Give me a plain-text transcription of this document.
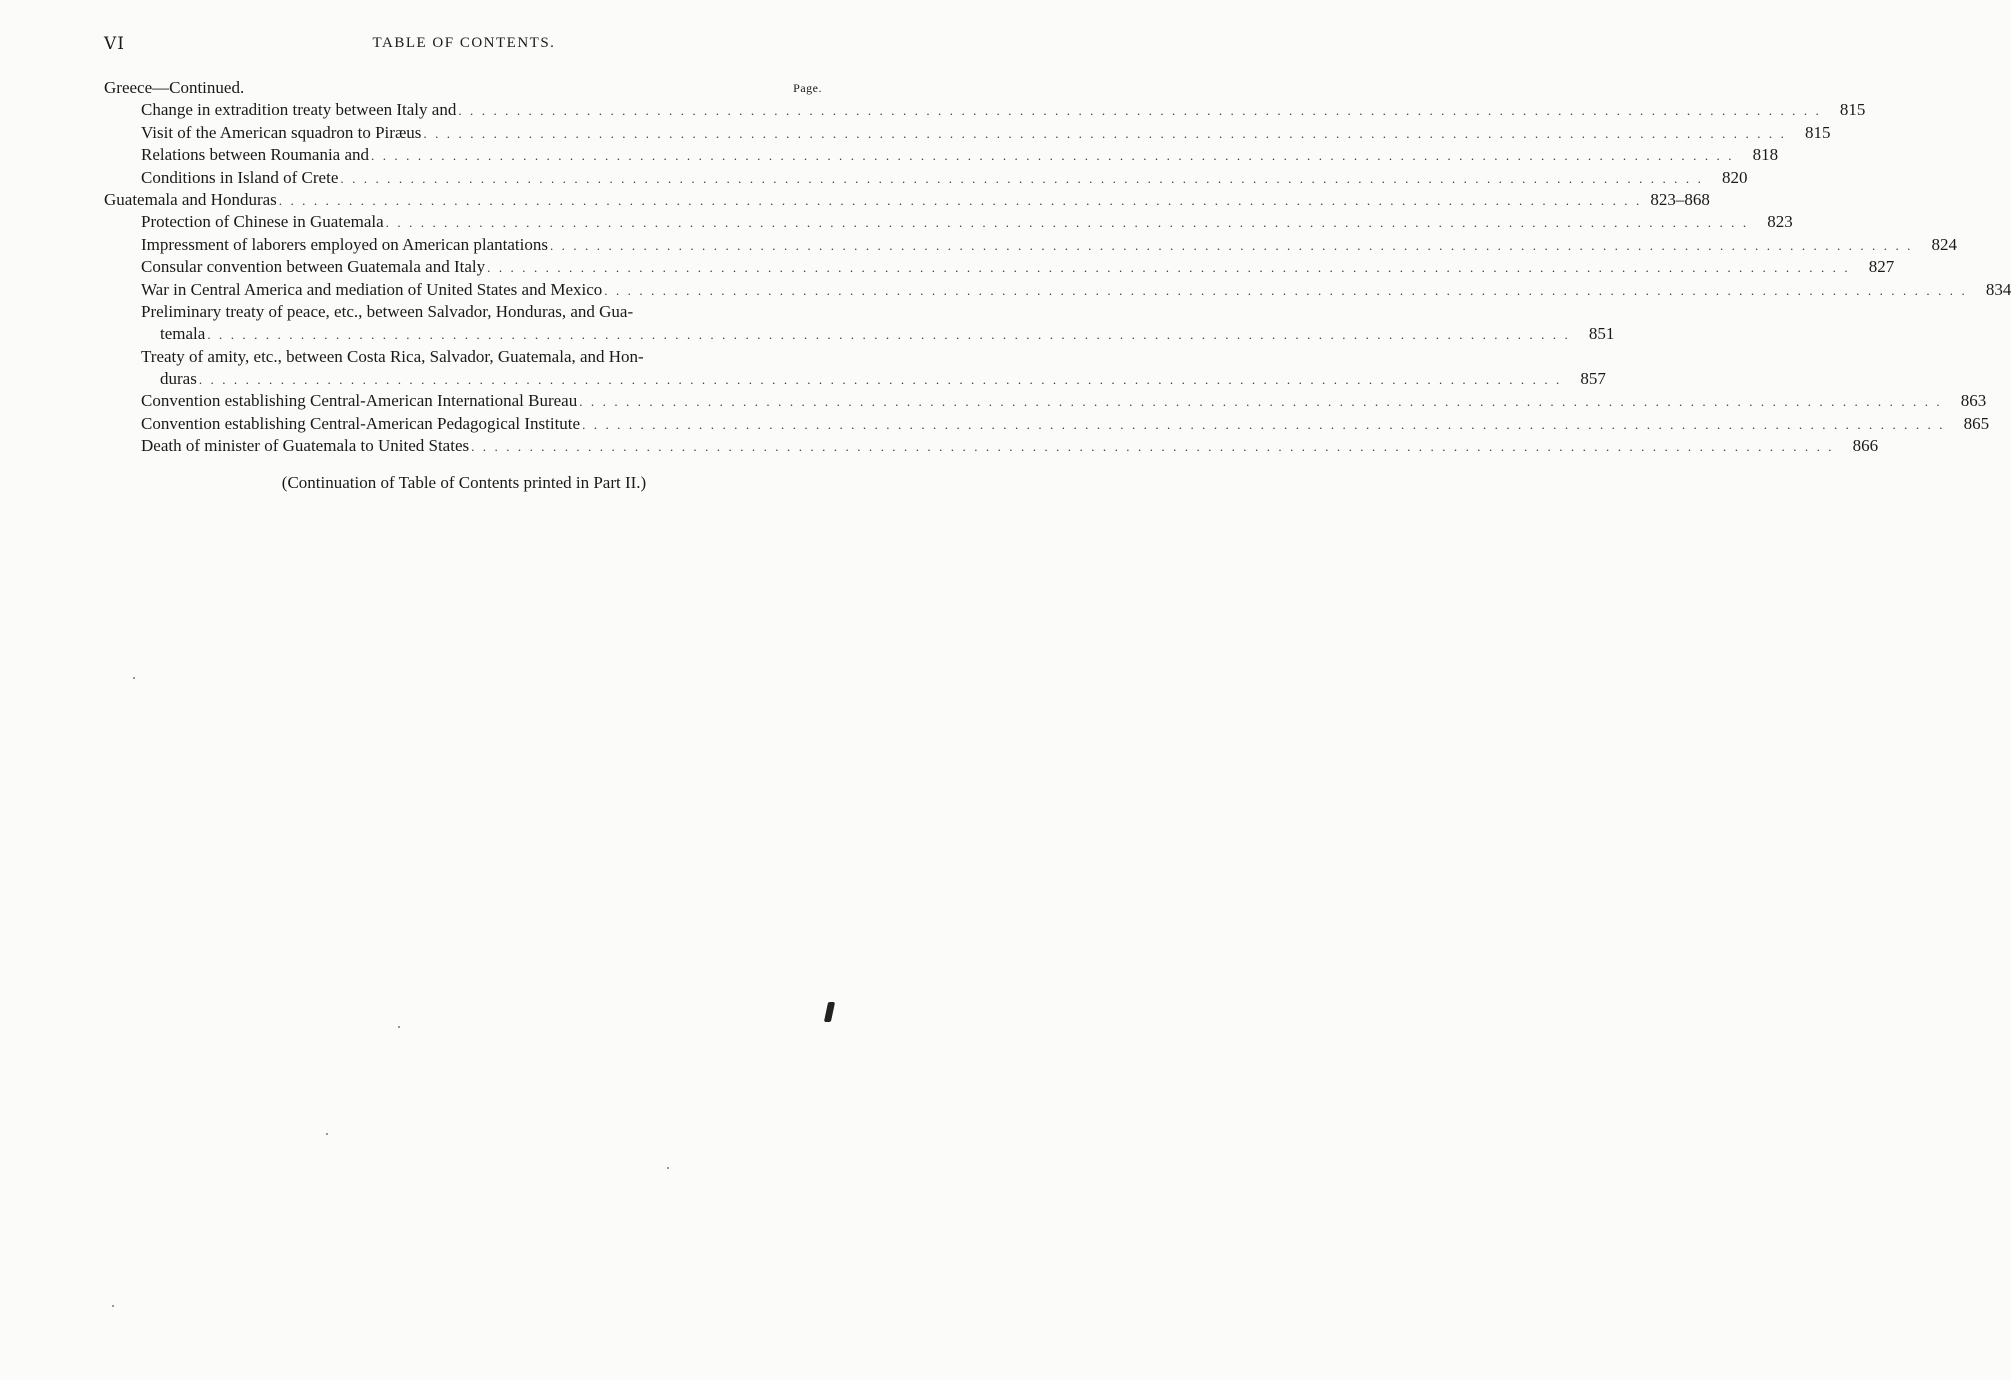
VI	TABLE OF CONTENTS.
Page.
Greece—Continued.
Change in extradition treaty between Italy and . . . . . . . . . . . . . . . . . . . . . . . . . . . . . . . . . . . . . . . . . . . . . . . . . . . . . . . . . . . . . . . . . . . . . . . . . . . . . . . . . . . . . . . . . . . . . . . . . . . . . . . . . . . . . . . . . . . . .	815
Visit of the American squadron to Piræus . . . . . . . . . . . . . . . . . . . . . . . . . . . . . . . . . . . . . . . . . . . . . . . . . . . . . . . . . . . . . . . . . . . . . . . . . . . . . . . . . . . . . . . . . . . . . . . . . . . . . . . . . . . . . . . . . . . . .	815
Relations between Roumania and . . . . . . . . . . . . . . . . . . . . . . . . . . . . . . . . . . . . . . . . . . . . . . . . . . . . . . . . . . . . . . . . . . . . . . . . . . . . . . . . . . . . . . . . . . . . . . . . . . . . . . . . . . . . . . . . . . . . .	818
Conditions in Island of Crete . . . . . . . . . . . . . . . . . . . . . . . . . . . . . . . . . . . . . . . . . . . . . . . . . . . . . . . . . . . . . . . . . . . . . . . . . . . . . . . . . . . . . . . . . . . . . . . . . . . . . . . . . . . . . . . . . . . . .	820
Guatemala and Honduras . . . . . . . . . . . . . . . . . . . . . . . . . . . . . . . . . . . . . . . . . . . . . . . . . . . . . . . . . . . . . . . . . . . . . . . . . . . . . . . . . . . . . . . . . . . . . . . . . . . . . . . . . . . . . . . . . . . . . 823–868
Protection of Chinese in Guatemala . . . . . . . . . . . . . . . . . . . . . . . . . . . . . . . . . . . . . . . . . . . . . . . . . . . . . . . . . . . . . . . . . . . . . . . . . . . . . . . . . . . . . . . . . . . . . . . . . . . . . . . . . . . . . . . . . . . . .	823
Impressment of laborers employed on American plantations . . . . . . . . . . . . . . . . . . . . . . . . . . . . . . . . . . . . . . . . . . . . . . . . . . . . . . . . . . . . . . . . . . . . . . . . . . . . . . . . . . . . . . . . . . . . . . . . . . . . . . . . . . . . . . . . . . . . .	824
Consular convention between Guatemala and Italy . . . . . . . . . . . . . . . . . . . . . . . . . . . . . . . . . . . . . . . . . . . . . . . . . . . . . . . . . . . . . . . . . . . . . . . . . . . . . . . . . . . . . . . . . . . . . . . . . . . . . . . . . . . . . . . . . . . . .	827
War in Central America and mediation of United States and Mexico . . . . . . . . . . . . . . . . . . . . . . . . . . . . . . . . . . . . . . . . . . . . . . . . . . . . . . . . . . . . . . . . . . . . . . . . . . . . . . . . . . . . . . . . . . . . . . . . . . . . . . . . . . . . . . . . . . . . .	834
Preliminary treaty of peace, etc., between Salvador, Honduras, and Gua-
temala . . . . . . . . . . . . . . . . . . . . . . . . . . . . . . . . . . . . . . . . . . . . . . . . . . . . . . . . . . . . . . . . . . . . . . . . . . . . . . . . . . . . . . . . . . . . . . . . . . . . . . . . . . . . . . . . . . . . .	851
Treaty of amity, etc., between Costa Rica, Salvador, Guatemala, and Hon-
duras . . . . . . . . . . . . . . . . . . . . . . . . . . . . . . . . . . . . . . . . . . . . . . . . . . . . . . . . . . . . . . . . . . . . . . . . . . . . . . . . . . . . . . . . . . . . . . . . . . . . . . . . . . . . . . . . . . . . .	857
Convention establishing Central-American International Bureau . . . . . . . . . . . . . . . . . . . . . . . . . . . . . . . . . . . . . . . . . . . . . . . . . . . . . . . . . . . . . . . . . . . . . . . . . . . . . . . . . . . . . . . . . . . . . . . . . . . . . . . . . . . . . . . . . . . . .	863
Convention establishing Central-American Pedagogical Institute . . . . . . . . . . . . . . . . . . . . . . . . . . . . . . . . . . . . . . . . . . . . . . . . . . . . . . . . . . . . . . . . . . . . . . . . . . . . . . . . . . . . . . . . . . . . . . . . . . . . . . . . . . . . . . . . . . . . .	865
Death of minister of Guatemala to United States . . . . . . . . . . . . . . . . . . . . . . . . . . . . . . . . . . . . . . . . . . . . . . . . . . . . . . . . . . . . . . . . . . . . . . . . . . . . . . . . . . . . . . . . . . . . . . . . . . . . . . . . . . . . . . . . . . . . .	866
(Continuation of Table of Contents printed in Part II.)
